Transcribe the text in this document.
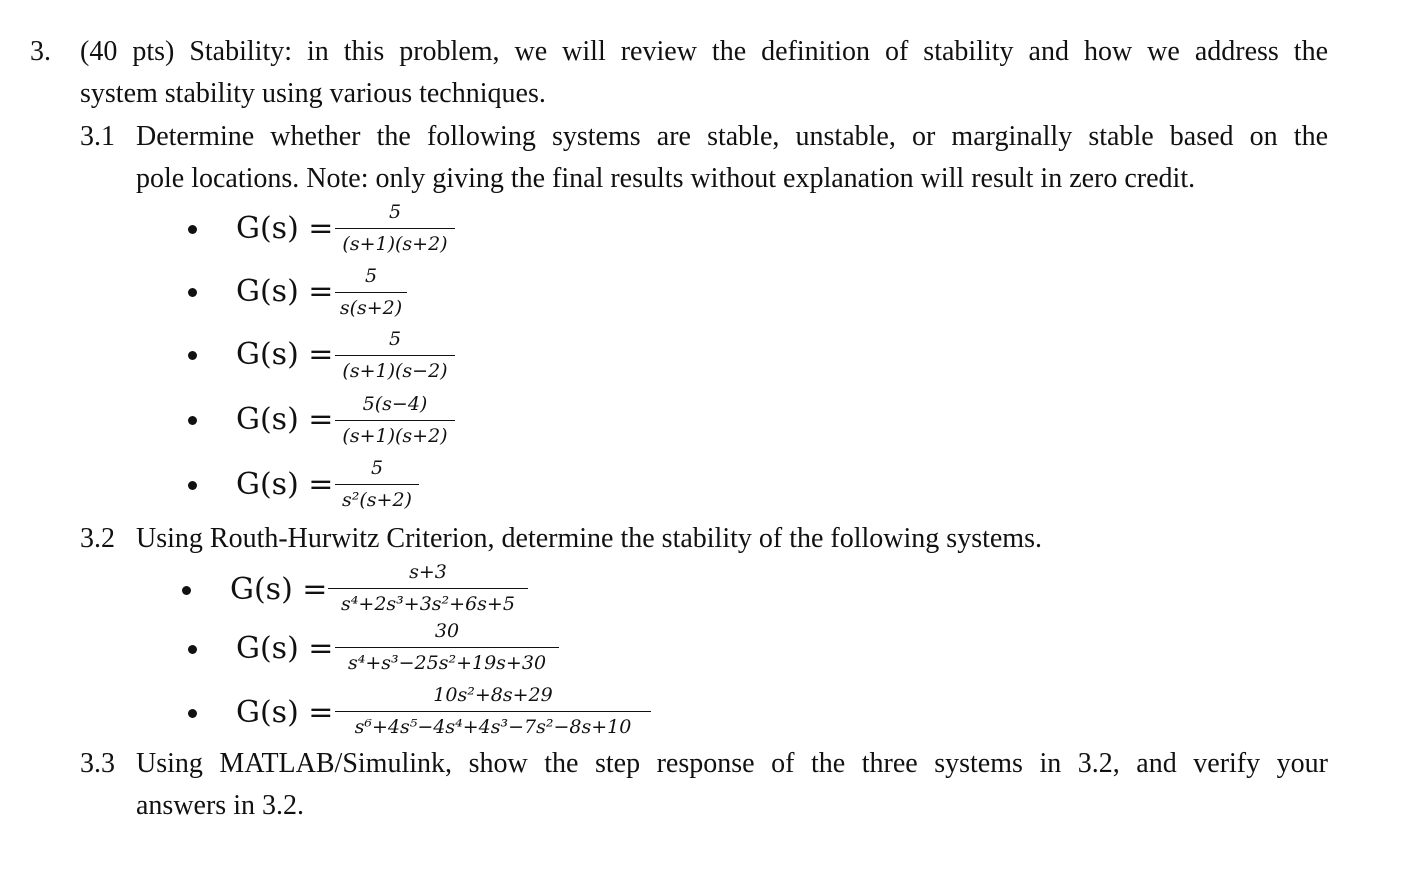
3. (40 pts) Stability: in this problem, we will review the definition of stability and how we address the
system stability using various techniques.
3.1 Determine whether the following systems are stable, unstable, or marginally stable based on the
pole locations. Note: only giving the final results without explanation will result in zero credit.
G(s) =	5
(s+1)(s+2)
G(s) = 5
s(s+2)
G(s) =	5
(s+1)(s−2)
G(s) = 5(s−4)
(s+1)(s+2)
G(s) = 5
s²(s+2)
3.2 Using Routh-Hurwitz Criterion, determine the stability of the following systems.
G(s) =	s+3
s⁴+2s³+3s²+6s+5
G(s) =	30
s⁴+s³−25s²+19s+30
G(s) =	10s²+8s+29
s⁶+4s⁵−4s⁴+4s³−7s²−8s+10
3.3 Using MATLAB/Simulink, show the step response of the three systems in 3.2, and verify your
answers in 3.2.
